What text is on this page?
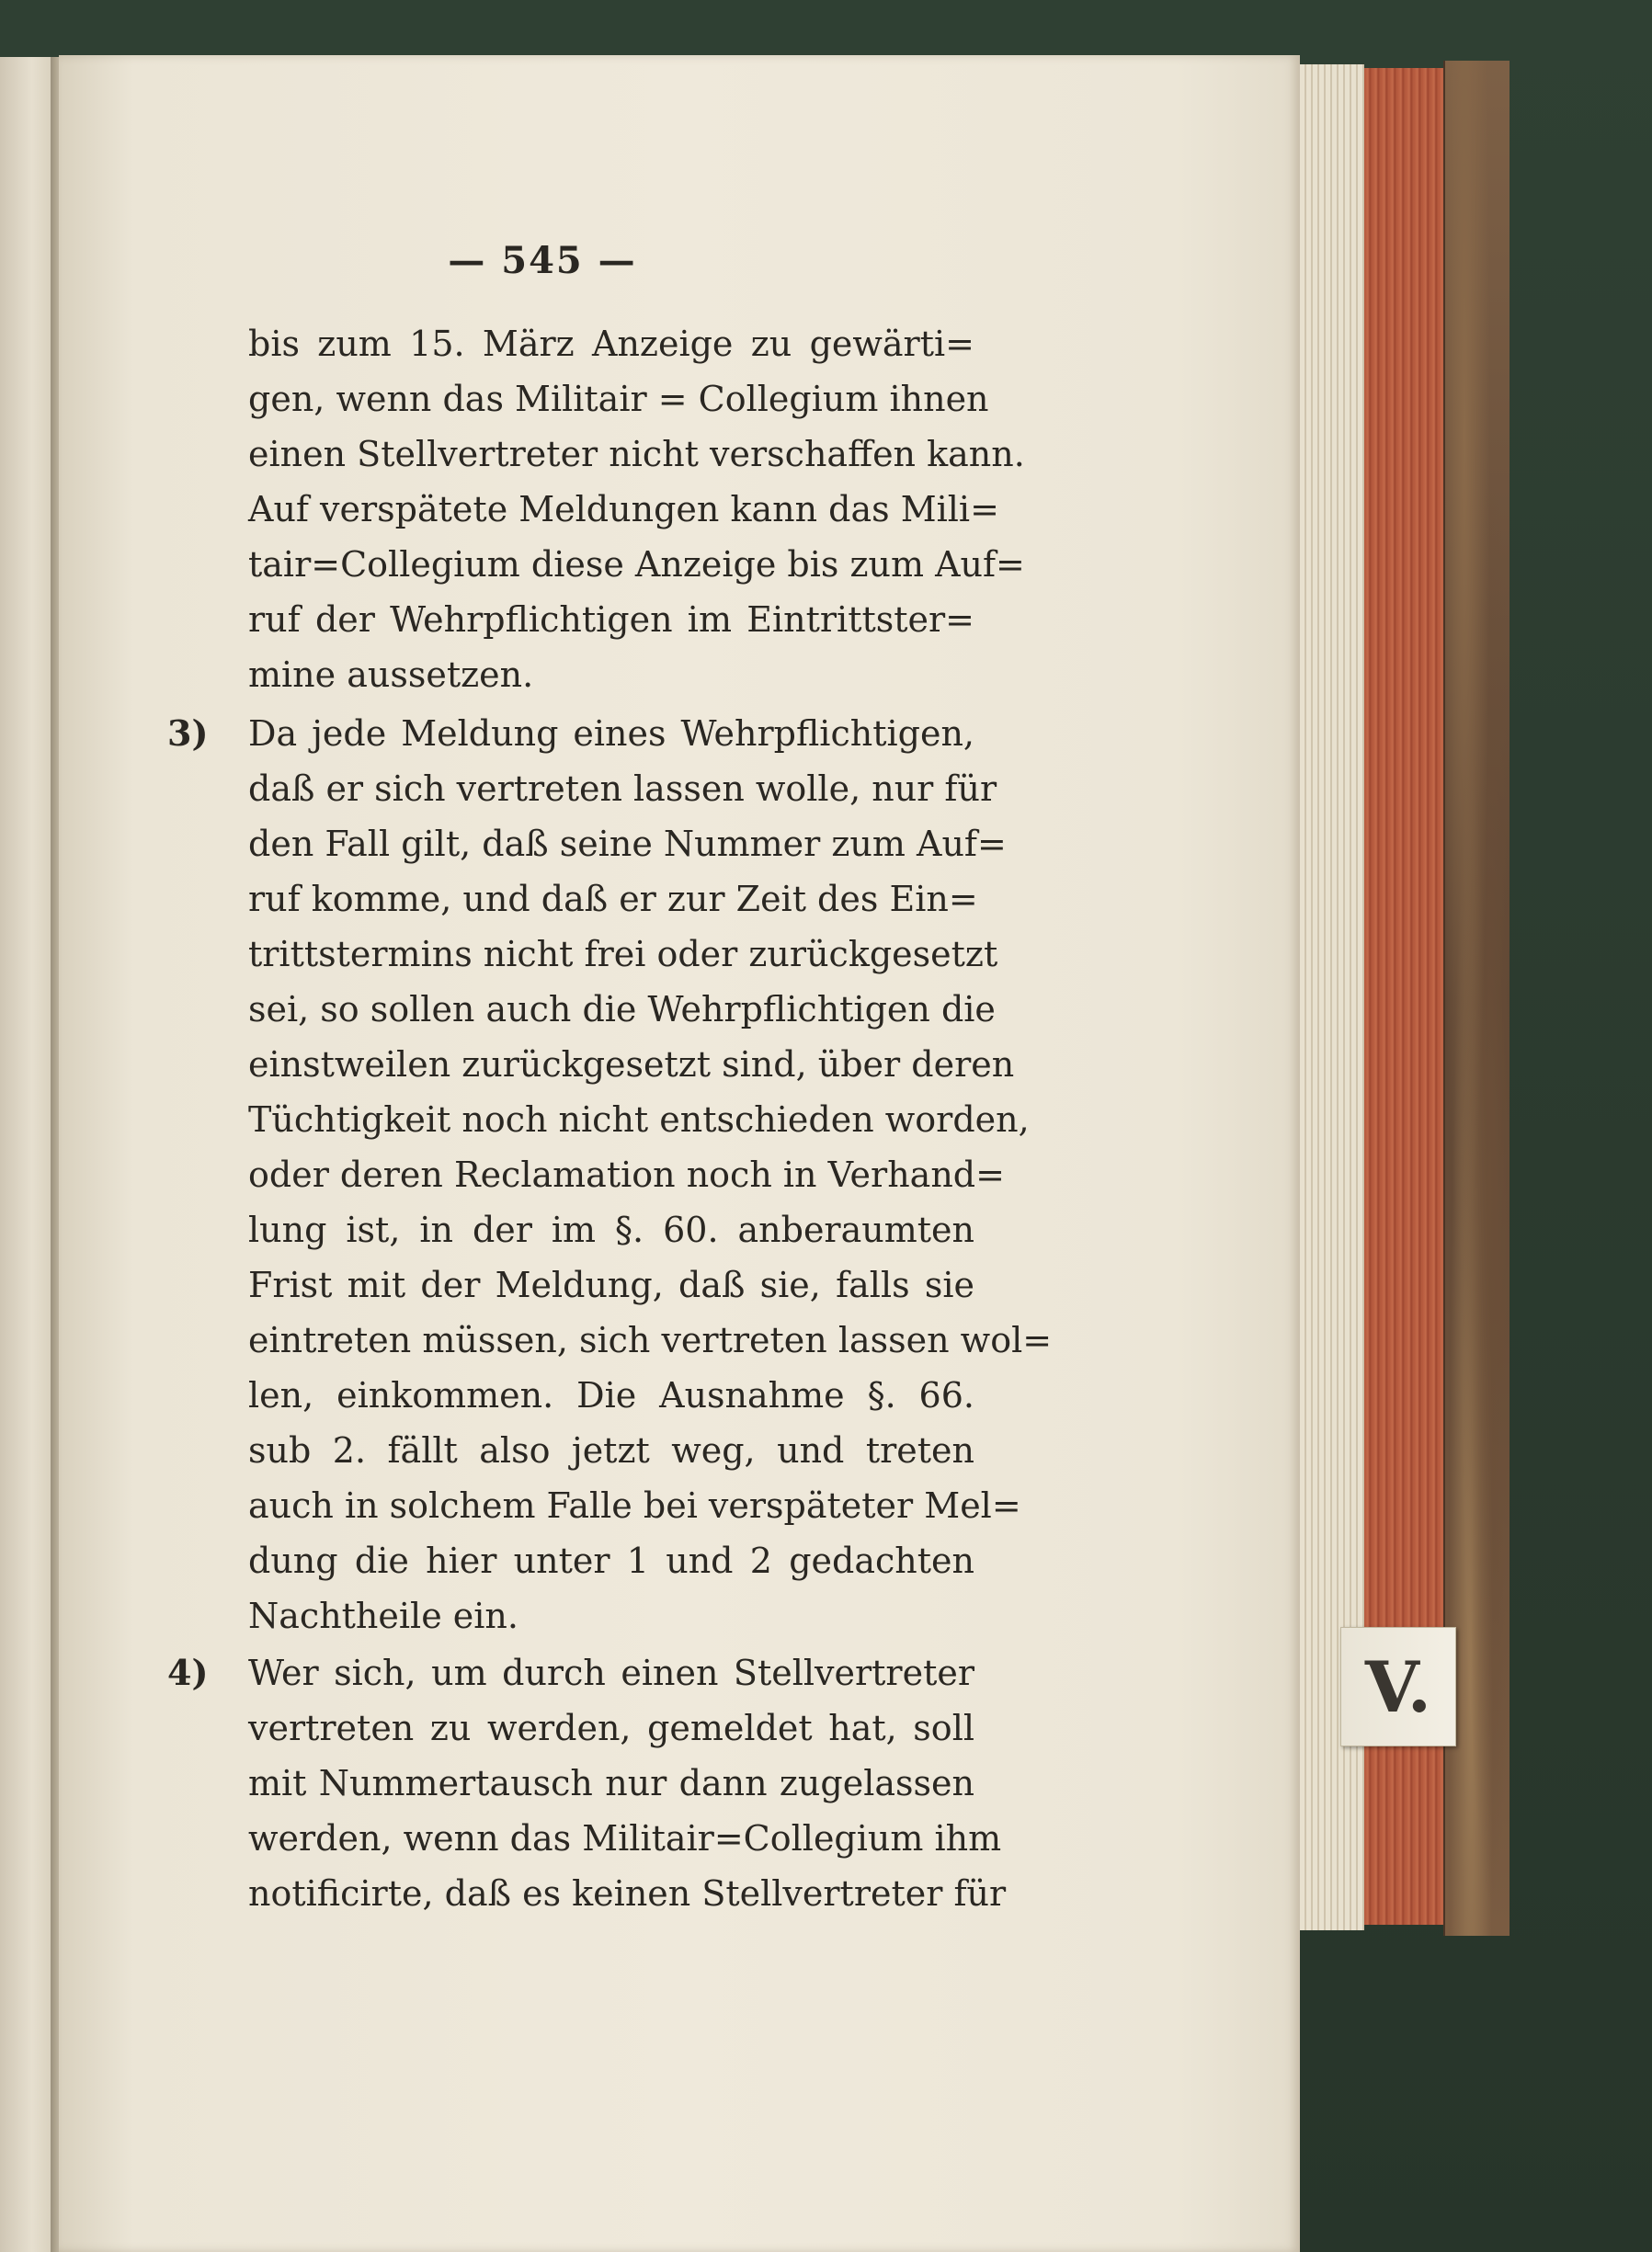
V.
— 545 —
bis zum 15. März Anzeige zu gewärti=
gen, wenn das Militair = Collegium ihnen
einen Stellvertreter nicht verschaffen kann.
Auf verspätete Meldungen kann das Mili=
tair=Collegium diese Anzeige bis zum Auf=
ruf der Wehrpflichtigen im Eintrittster=
mine aussetzen.
3) Da jede Meldung eines Wehrpflichtigen,
daß er sich vertreten lassen wolle, nur für
den Fall gilt, daß seine Nummer zum Auf=
ruf komme, und daß er zur Zeit des Ein=
trittstermins nicht frei oder zurückgesetzt
sei, so sollen auch die Wehrpflichtigen die
einstweilen zurückgesetzt sind, über deren
Tüchtigkeit noch nicht entschieden worden,
oder deren Reclamation noch in Verhand=
lung ist, in der im §. 60. anberaumten
Frist mit der Meldung, daß sie, falls sie
eintreten müssen, sich vertreten lassen wol=
len, einkommen. Die Ausnahme §. 66.
sub 2. fällt also jetzt weg, und treten
auch in solchem Falle bei verspäteter Mel=
dung die hier unter 1 und 2 gedachten
Nachtheile ein.
4) Wer sich, um durch einen Stellvertreter
vertreten zu werden, gemeldet hat, soll
mit Nummertausch nur dann zugelassen
werden, wenn das Militair=Collegium ihm
notificirte, daß es keinen Stellvertreter für
